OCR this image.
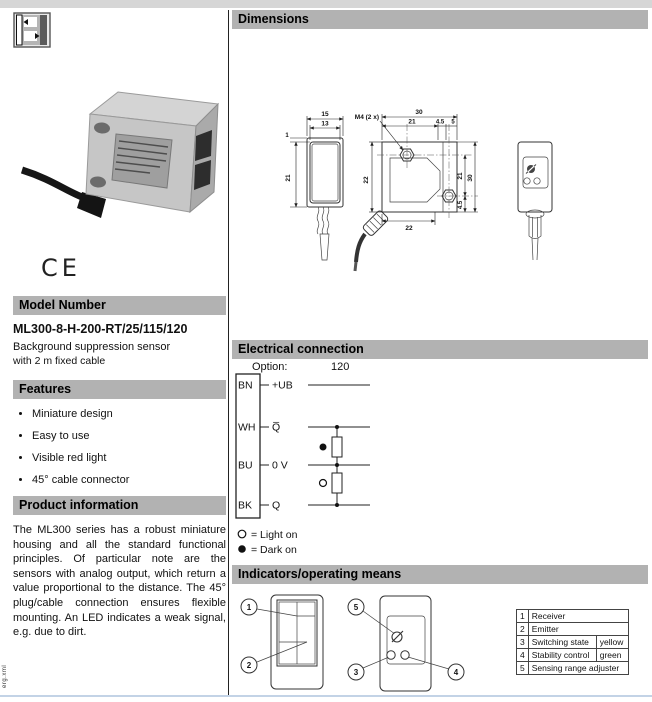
CE
Model Number
ML300-8-H-200-RT/25/115/120
Background suppression sensor
with 2 m fixed cable
Features
• Miniature design
• Easy to use
• Visible red light
• 45° cable connector
Product information
The ML300 series has a robust miniature housing and all the standard functional principles. Of particular note are the sensors with analog output, which return a value proportional to the distance. The 45° plug/cable connection ensures flexible mounting. An LED indicates a weak signal, e.g. due to dirt.
Dimensions
15
13
1
21
30
21	4.5 5
M4 (2 x)
22
21 30
4.5
22
Electrical connection
Option:	120
BN +UB
WH Q̅
BU 0 V
BK Q
= Light on
= Dark on
Indicators/operating means
1
2
5
3	4
1	Receiver	
2	Emitter	
3	Switching state	yellow
4	Stability control	green
5	Sensing range adjuster	
erg.xml
